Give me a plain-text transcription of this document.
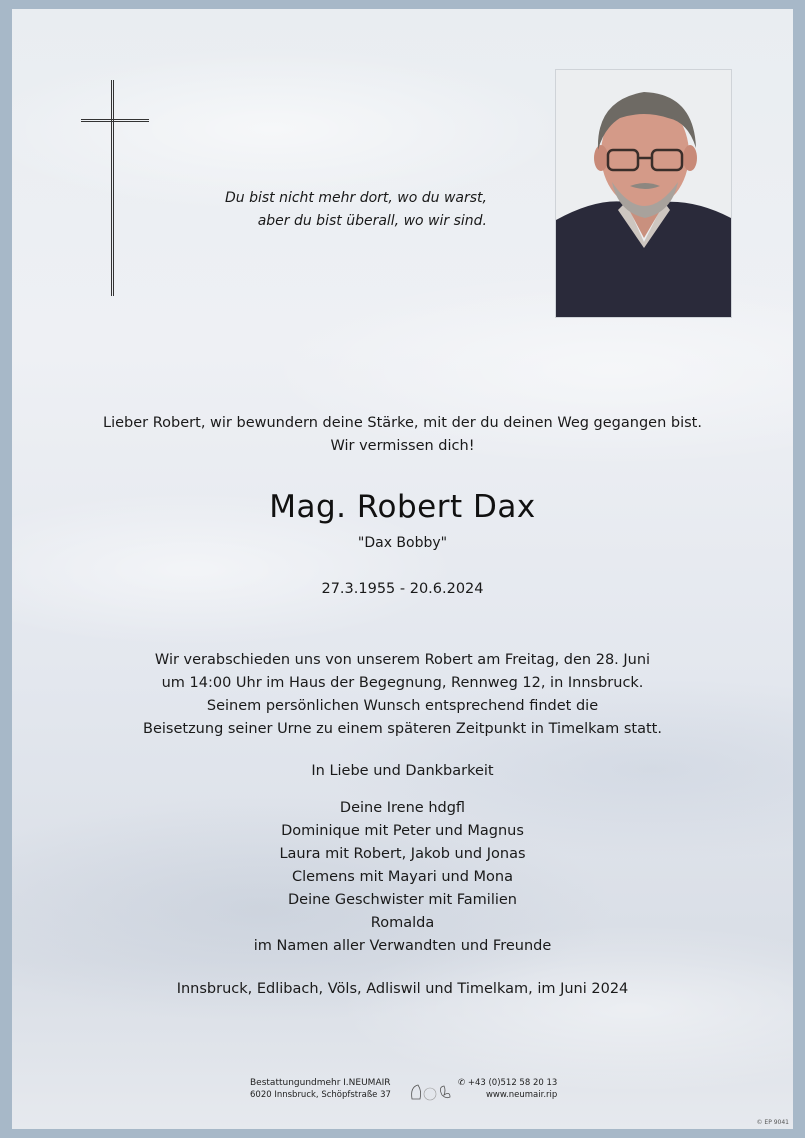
Du bist nicht mehr dort, wo du warst,
aber du bist überall, wo wir sind.
Lieber Robert, wir bewundern deine Stärke, mit der du deinen Weg gegangen bist.
Wir vermissen dich!
Mag. Robert Dax
"Dax Bobby"
27.3.1955 - 20.6.2024
Wir verabschieden uns von unserem Robert am Freitag, den 28. Juni
um 14:00 Uhr im Haus der Begegnung, Rennweg 12, in Innsbruck.
Seinem persönlichen Wunsch entsprechend findet die
Beisetzung seiner Urne zu einem späteren Zeitpunkt in Timelkam statt.
In Liebe und Dankbarkeit
Deine Irene hdgfl
Dominique mit Peter und Magnus
Laura mit Robert, Jakob und Jonas
Clemens mit Mayari und Mona
Deine Geschwister mit Familien
Romalda
im Namen aller Verwandten und Freunde
Innsbruck, Edlibach, Völs, Adliswil und Timelkam, im Juni 2024
Bestattungundmehr I.NEUMAIR
6020 Innsbruck, Schöpfstraße 37
✆ +43 (0)512 58 20 13
www.neumair.rip
© EP 9041
